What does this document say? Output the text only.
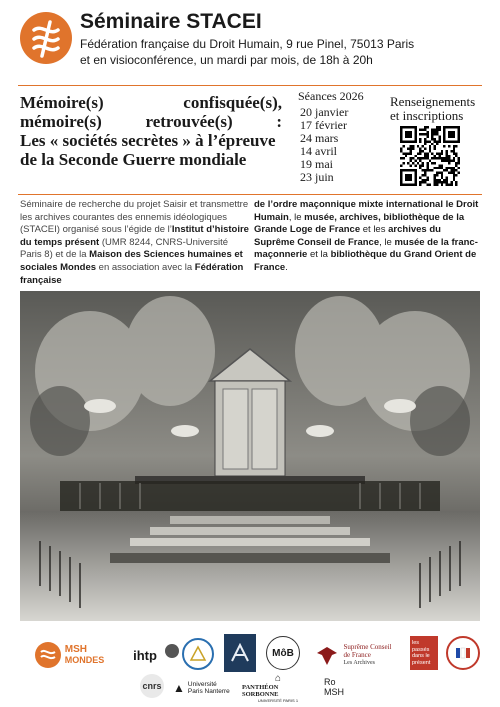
Séminaire STACEI
Fédération française du Droit Humain, 9 rue Pinel, 75013 Paris
et en visioconférence, un mardi par mois, de 18h à 20h
Mémoire(s) confisquée(s),
mémoire(s) retrouvée(s) :
Les « sociétés secrètes » à l’épreuve
de la Seconde Guerre mondiale
Séances 2026
20 janvier
17 février
24 mars
14 avril
19 mai
23 juin
Renseignements
et inscriptions
Séminaire de recherche du projet Saisir et transmettre les archives courantes des ennemis idéologiques (STACEI) organisé sous l’égide de l’Institut d’histoire du temps présent (UMR 8244, CNRS-Université Paris 8) et de la Maison des Sciences humaines et sociales Mondes en association avec la Fédération française
de l’ordre maçonnique mixte international le Droit Humain, le musée, archives, bibliothèque de la Grande Loge de France et les archives du Suprême Conseil de France, le musée de la franc-maçonnerie et la bibliothèque du Grand Orient de France.
MSH
MONDES	ihtp	MôB
Suprême Conseil
de France
Les Archives
les
passés
dans le
présent
cnrs ▲ Université
Paris Nanterre
⌂
PANTHÉON SORBONNE
UNIVERSITÉ PARIS 1
Ro
MSH
